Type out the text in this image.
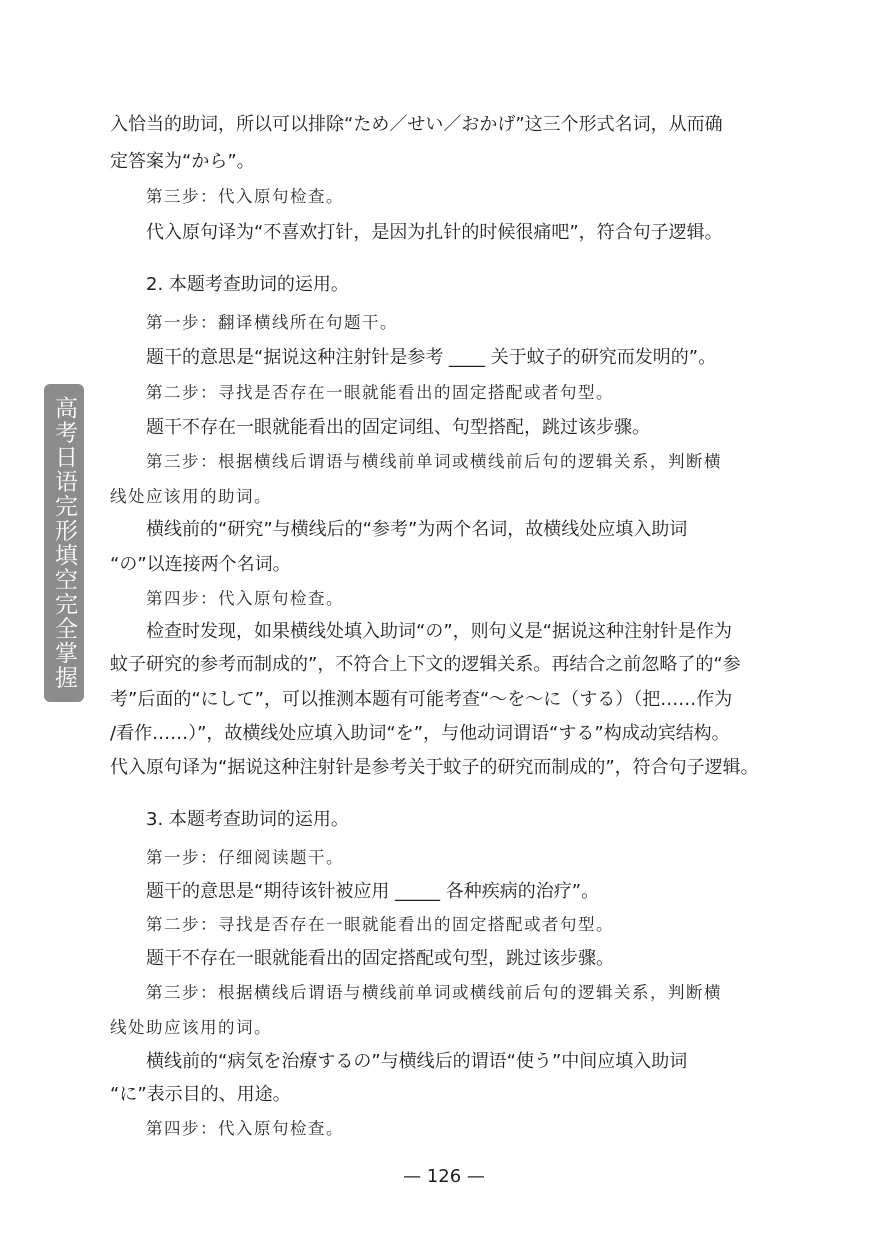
高考日语完形填空完全掌握
入恰当的助词，所以可以排除“ため／せい／おかげ”这三个形式名词，从而确
定答案为“から”。
第三步：代入原句检查。
代入原句译为“不喜欢打针，是因为扎针的时候很痛吧”，符合句子逻辑。
2. 本题考查助词的运用。
第一步：翻译横线所在句题干。
题干的意思是“据说这种注射针是参考 ____ 关于蚊子的研究而发明的”。
第二步：寻找是否存在一眼就能看出的固定搭配或者句型。
题干不存在一眼就能看出的固定词组、句型搭配，跳过该步骤。
第三步：根据横线后谓语与横线前单词或横线前后句的逻辑关系，判断横
线处应该用的助词。
横线前的“研究”与横线后的“参考”为两个名词，故横线处应填入助词
“の”以连接两个名词。
第四步：代入原句检查。
检查时发现，如果横线处填入助词“の”，则句义是“据说这种注射针是作为
蚊子研究的参考而制成的”，不符合上下文的逻辑关系。再结合之前忽略了的“参
考”后面的“にして”，可以推测本题有可能考查“～を～に（する）（把……作为
/看作……）”，故横线处应填入助词“を”，与他动词谓语“する”构成动宾结构。
代入原句译为“据说这种注射针是参考关于蚊子的研究而制成的”，符合句子逻辑。
3. 本题考查助词的运用。
第一步：仔细阅读题干。
题干的意思是“期待该针被应用 _____ 各种疾病的治疗”。
第二步：寻找是否存在一眼就能看出的固定搭配或者句型。
题干不存在一眼就能看出的固定搭配或句型，跳过该步骤。
第三步：根据横线后谓语与横线前单词或横线前后句的逻辑关系，判断横
线处助应该用的词。
横线前的“病気を治療するの”与横线后的谓语“使う”中间应填入助词
“に”表示目的、用途。
第四步：代入原句检查。
— 126 —
